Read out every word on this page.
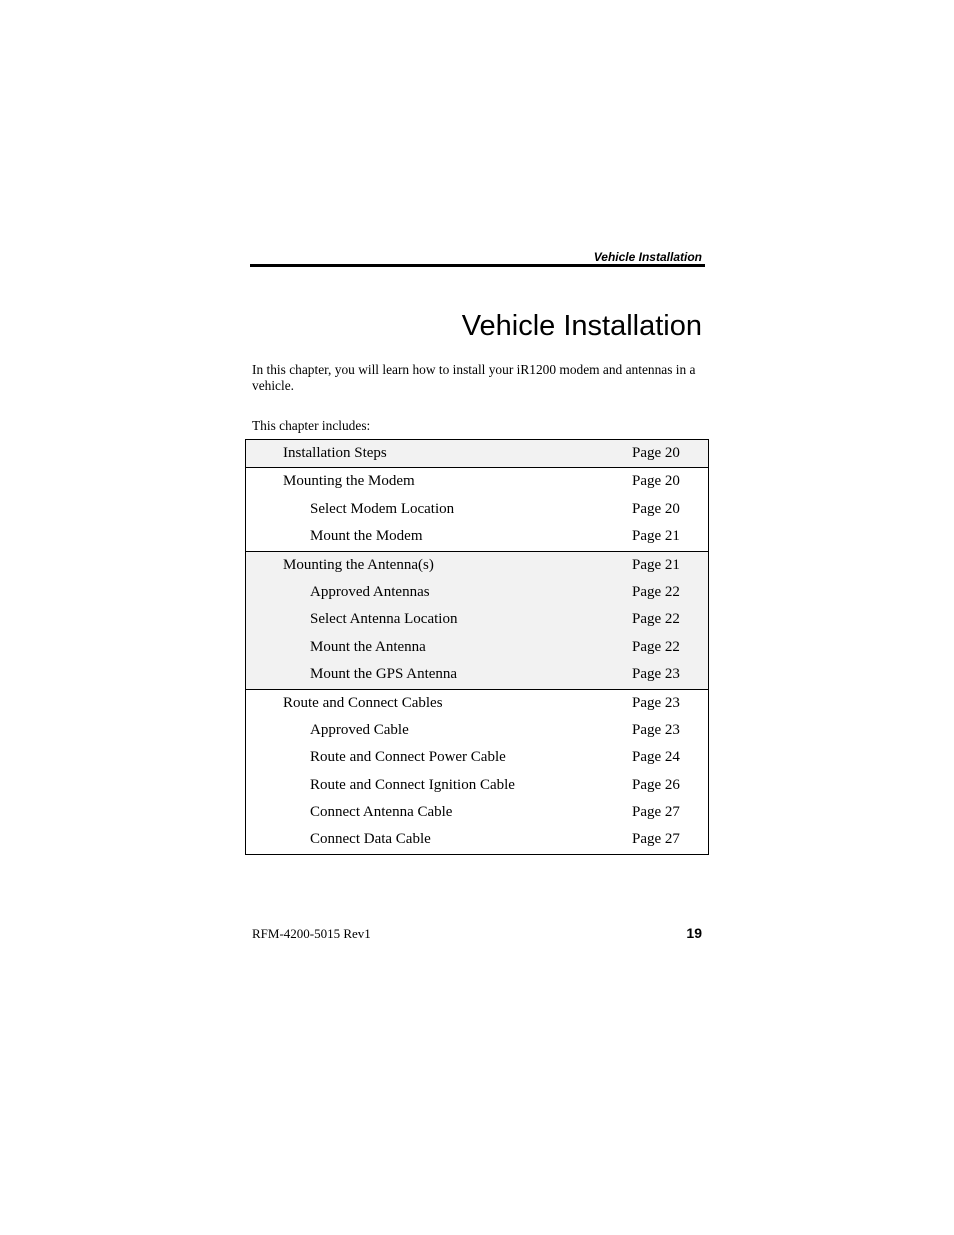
Vehicle Installation
Vehicle Installation

In this chapter, you will learn how to install your iR1200 modem and antennas in a vehicle.

This chapter includes:

Installation Steps	Page 20
Mounting the Modem	Page 20
Select Modem Location	Page 20
Mount the Modem	Page 21
Mounting the Antenna(s)	Page 21
Approved Antennas	Page 22
Select Antenna Location	Page 22
Mount the Antenna	Page 22
Mount the GPS Antenna	Page 23
Route and Connect Cables	Page 23
Approved Cable	Page 23
Route and Connect Power Cable	Page 24
Route and Connect Ignition Cable	Page 26
Connect Antenna Cable	Page 27
Connect Data Cable	Page 27
RFM-4200-5015 Rev1	19
